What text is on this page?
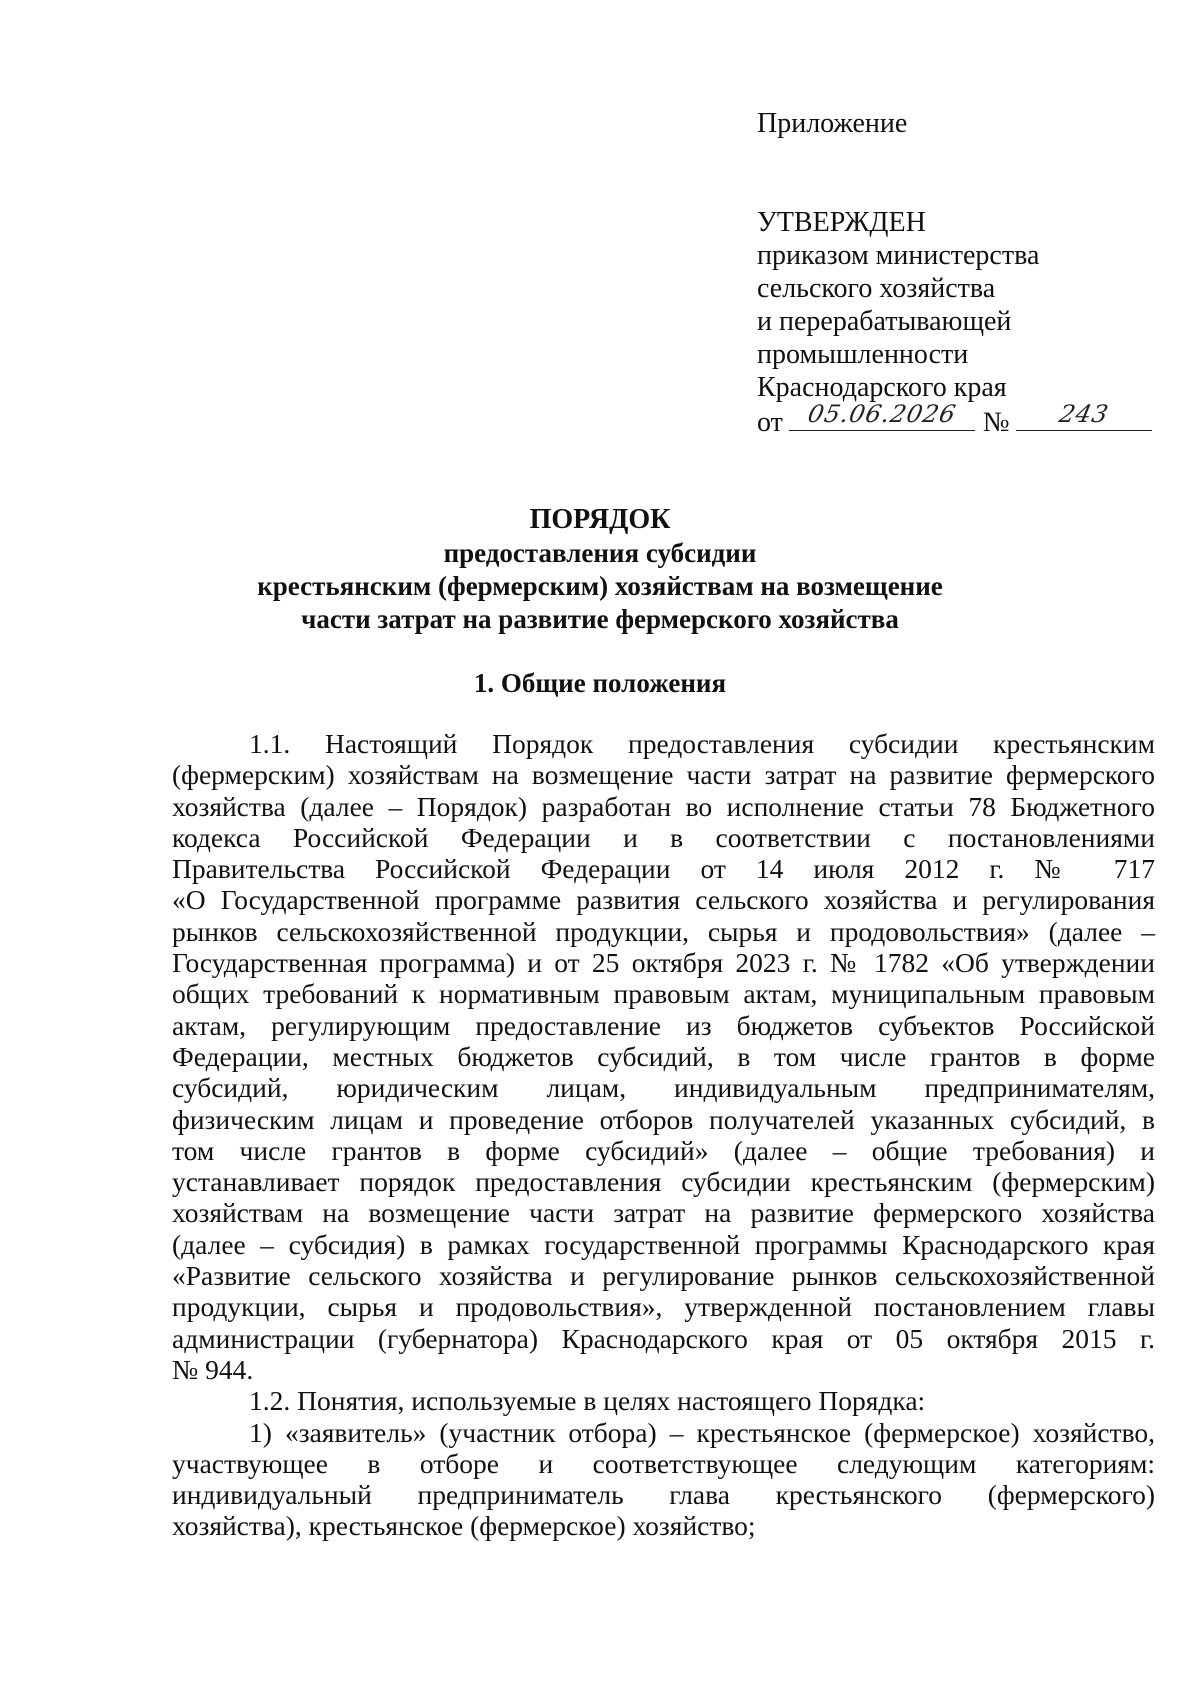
Приложение
УТВЕРЖДЕН
приказом министерства
сельского хозяйства
и перерабатывающей
промышленности
Краснодарского края
от 05.06.2026 №	243
ПОРЯДОК
предоставления субсидии
крестьянским (фермерским) хозяйствам на возмещение
части затрат на развитие фермерского хозяйства
1. Общие положения

1.1. Настоящий Порядок предоставления субсидии крестьянским
(фермерским) хозяйствам на возмещение части затрат на развитие фермерского
хозяйства (далее – Порядок) разработан во исполнение статьи 78 Бюджетного
кодекса Российской Федерации и в соответствии с постановлениями
Правительства Российской Федерации от 14 июля 2012 г. № 717
«О Государственной программе развития сельского хозяйства и регулирования
рынков сельскохозяйственной продукции, сырья и продовольствия» (далее –
Государственная программа) и от 25 октября 2023 г. № 1782 «Об утверждении
общих требований к нормативным правовым актам, муниципальным правовым
актам, регулирующим предоставление из бюджетов субъектов Российской
Федерации, местных бюджетов субсидий, в том числе грантов в форме
субсидий, юридическим лицам, индивидуальным предпринимателям,
физическим лицам и проведение отборов получателей указанных субсидий, в
том числе грантов в форме субсидий» (далее – общие требования) и
устанавливает порядок предоставления субсидии крестьянским (фермерским)
хозяйствам на возмещение части затрат на развитие фермерского хозяйства
(далее – субсидия) в рамках государственной программы Краснодарского края
«Развитие сельского хозяйства и регулирование рынков сельскохозяйственной
продукции, сырья и продовольствия», утвержденной постановлением главы
администрации (губернатора) Краснодарского края от 05 октября 2015 г.
№ 944.

1.2. Понятия, используемые в целях настоящего Порядка:

1) «заявитель» (участник отбора) – крестьянское (фермерское) хозяйство,
участвующее в отборе и соответствующее следующим категориям:
индивидуальный предприниматель глава крестьянского (фермерского)
хозяйства), крестьянское (фермерское) хозяйство;
